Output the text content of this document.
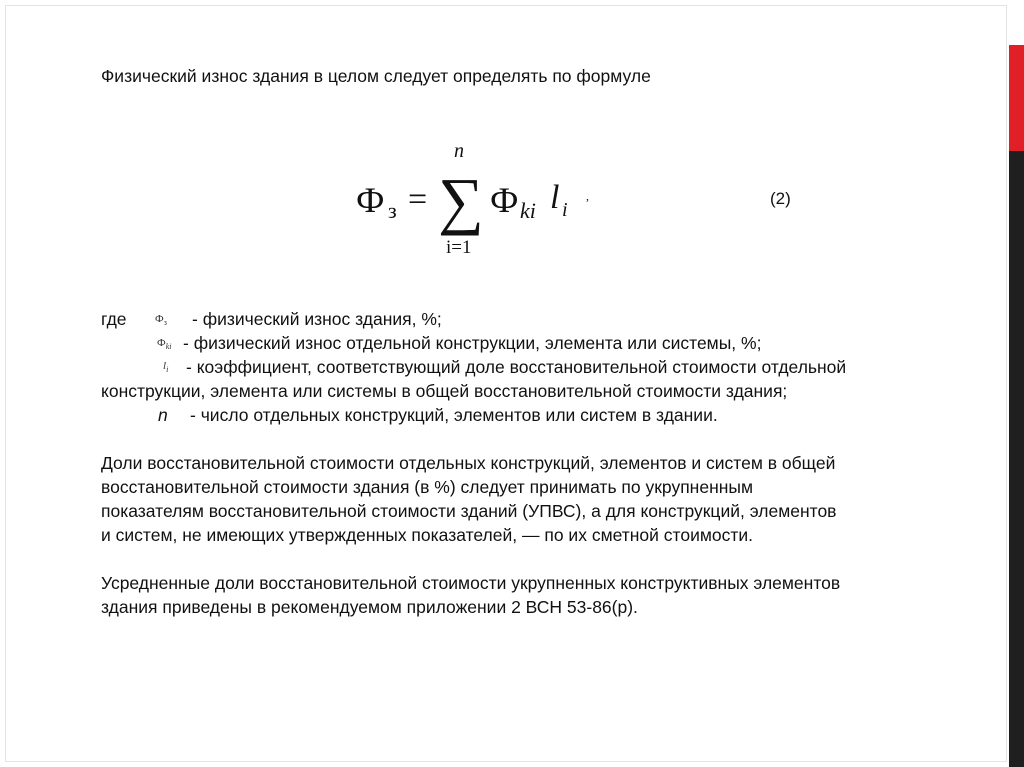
Физический износ здания в целом следует определять по формуле
Ф з =
n
∑
i=1
Ф ki l i
,	(2)
где	$Ф_з$ - физический износ здания, %;
$Ф_{ki}$ - физический износ отдельной конструкции, элемента или системы, %;
$l_i$ - коэффициент, соответствующий доле восстановительной стоимости отдельной
конструкции, элемента или системы в общей восстановительной стоимости здания;
n - число отдельных конструкций, элементов или систем в здании.
Доли восстановительной стоимости отдельных конструкций, элементов и систем в общей
восстановительной стоимости здания (в %) следует принимать по укрупненным
показателям восстановительной стоимости зданий (УПВС), а для конструкций, элементов
и систем, не имеющих утвержденных показателей, — по их сметной стоимости.
Усредненные доли восстановительной стоимости укрупненных конструктивных элементов
здания приведены в рекомендуемом приложении 2 ВСН 53-86(р).
